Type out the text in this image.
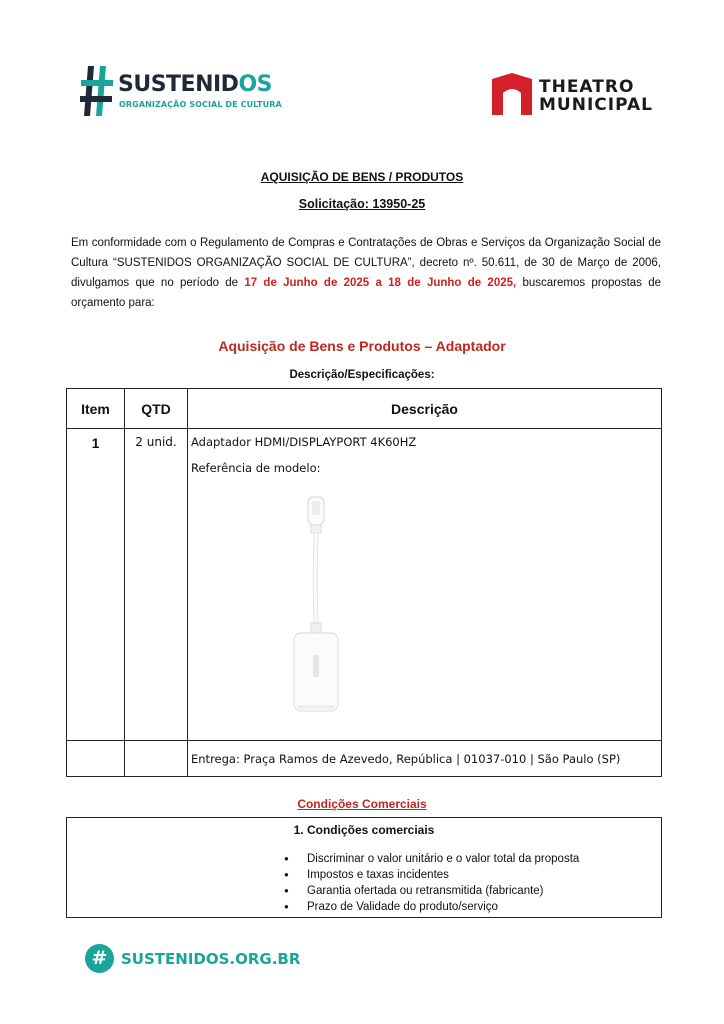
SUSTENIDOS
ORGANIZAÇÃO SOCIAL DE CULTURA
THEATRO
MUNICIPAL
AQUISIÇÃO DE BENS / PRODUTOS
Solicitação: 13950-25

Em conformidade com o Regulamento de Compras e Contratações de Obras e Serviços da Organização Social de Cultura “SUSTENIDOS ORGANIZAÇÃO SOCIAL DE CULTURA”, decreto nº. 50.611, de 30 de Março de 2006, divulgamos que no período de 17 de Junho de 2025 a 18 de Junho de 2025, buscaremos propostas de orçamento para:

Aquisição de Bens e Produtos – Adaptador
Descrição/Especificações:
Item	QTD	Descrição
1	2 unid.	Adaptador HDMI/DISPLAYPORT 4K60HZ
Referência de modelo:

		Entrega: Praça Ramos de Azevedo, República | 01037-010 | São Paulo (SP)
Condições Comerciais
1. Condições comerciais
● Discriminar o valor unitário e o valor total da proposta
● Impostos e taxas incidentes
● Garantia ofertada ou retransmitida (fabricante)
● Prazo de Validade do produto/serviço
# SUSTENIDOS.ORG.BR
